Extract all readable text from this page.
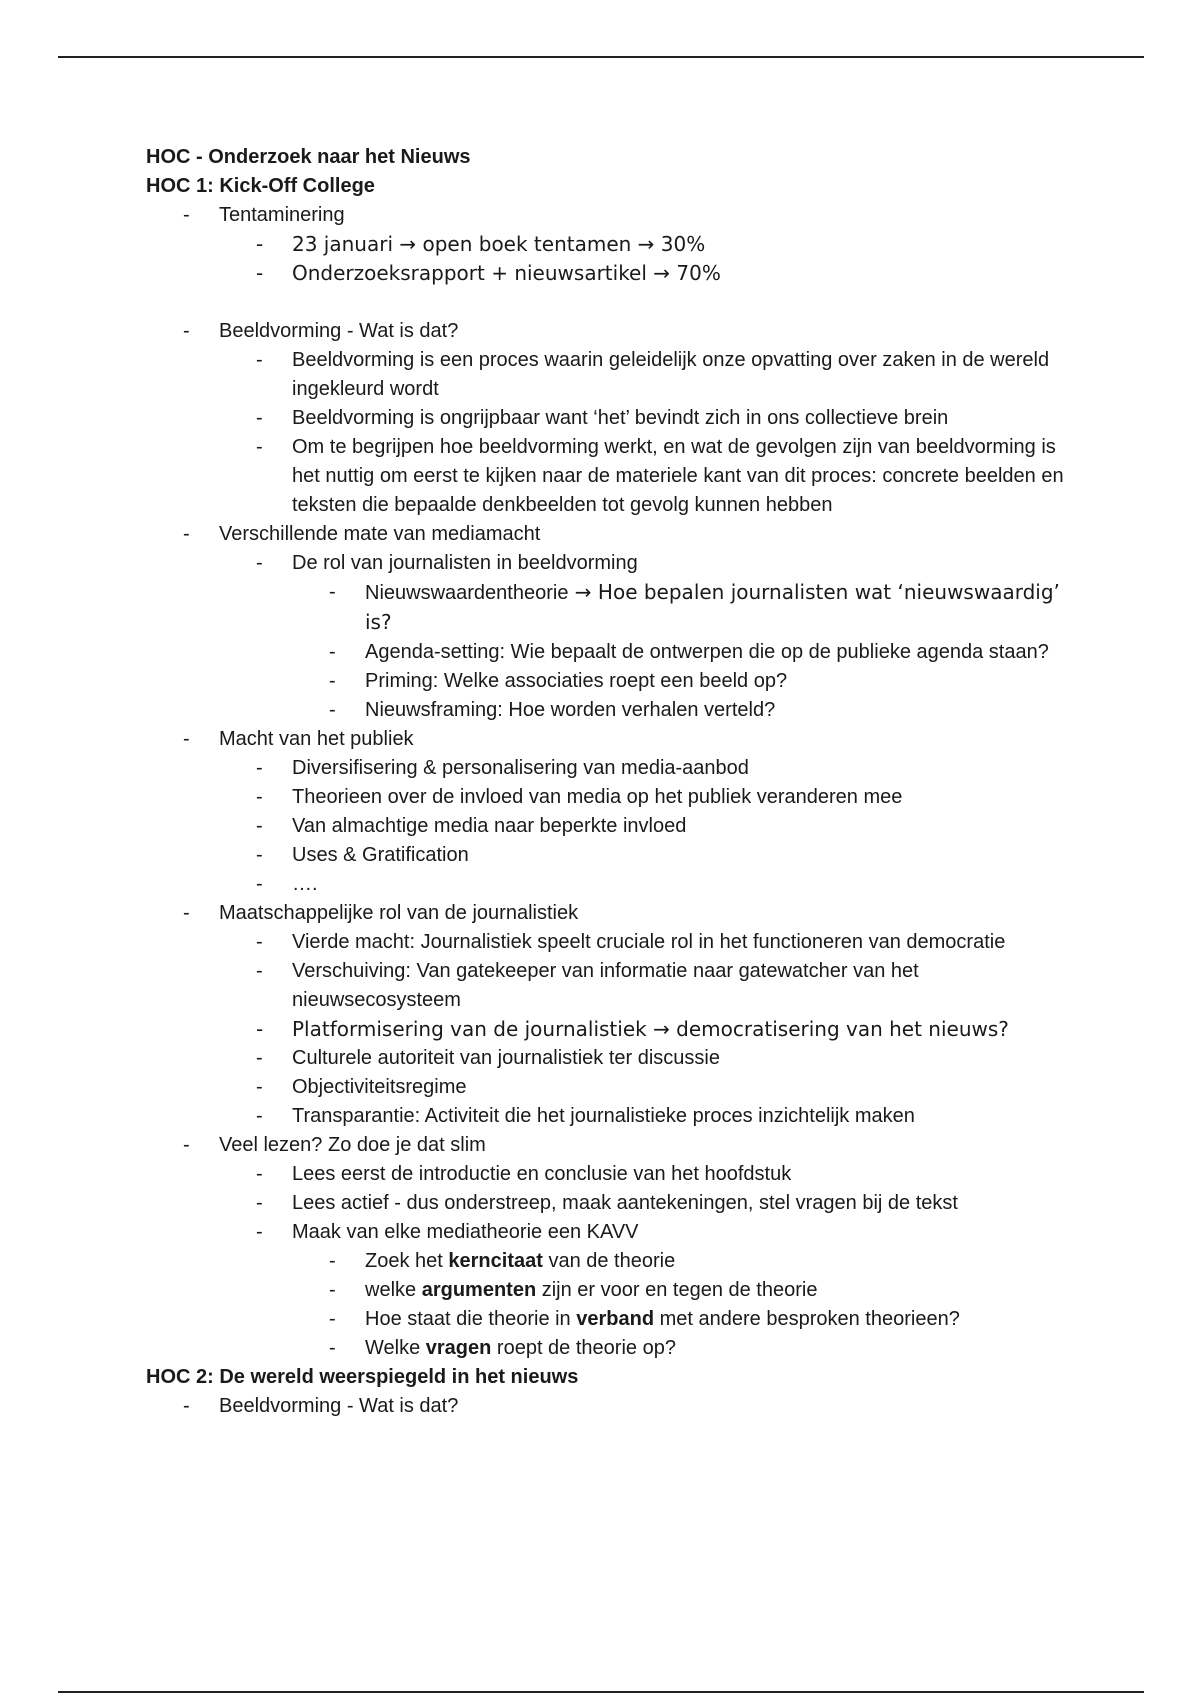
HOC - Onderzoek naar het Nieuws

HOC 1: Kick-Off College

- Tentaminering
- 23 januari → open boek tentamen → 30%
- Onderzoeksrapport + nieuwsartikel → 70%
- Beeldvorming - Wat is dat?
- Beeldvorming is een proces waarin geleidelijk onze opvatting over zaken in de wereld ingekleurd wordt
- Beeldvorming is ongrijpbaar want ‘het’ bevindt zich in ons collectieve brein
- Om te begrijpen hoe beeldvorming werkt, en wat de gevolgen zijn van beeldvorming is het nuttig om eerst te kijken naar de materiele kant van dit proces: concrete beelden en teksten die bepaalde denkbeelden tot gevolg kunnen hebben
- Verschillende mate van mediamacht
- De rol van journalisten in beeldvorming
- Nieuwswaardentheorie → Hoe bepalen journalisten wat ‘nieuwswaardig’ is?
- Agenda-setting: Wie bepaalt de ontwerpen die op de publieke agenda staan?
- Priming: Welke associaties roept een beeld op?
- Nieuwsframing: Hoe worden verhalen verteld?
- Macht van het publiek
- Diversifisering & personalisering van media-aanbod
- Theorieen over de invloed van media op het publiek veranderen mee
- Van almachtige media naar beperkte invloed
- Uses & Gratification
- ….
- Maatschappelijke rol van de journalistiek
- Vierde macht: Journalistiek speelt cruciale rol in het functioneren van democratie
- Verschuiving: Van gatekeeper van informatie naar gatewatcher van het nieuwsecosysteem
- Platformisering van de journalistiek → democratisering van het nieuws?
- Culturele autoriteit van journalistiek ter discussie
- Objectiviteitsregime
- Transparantie: Activiteit die het journalistieke proces inzichtelijk maken
- Veel lezen? Zo doe je dat slim
- Lees eerst de introductie en conclusie van het hoofdstuk
- Lees actief - dus onderstreep, maak aantekeningen, stel vragen bij de tekst
- Maak van elke mediatheorie een KAVV
- Zoek het kerncitaat van de theorie
- welke argumenten zijn er voor en tegen de theorie
- Hoe staat die theorie in verband met andere besproken theorieen?
- Welke vragen roept de theorie op?

HOC 2: De wereld weerspiegeld in het nieuws

- Beeldvorming - Wat is dat?
